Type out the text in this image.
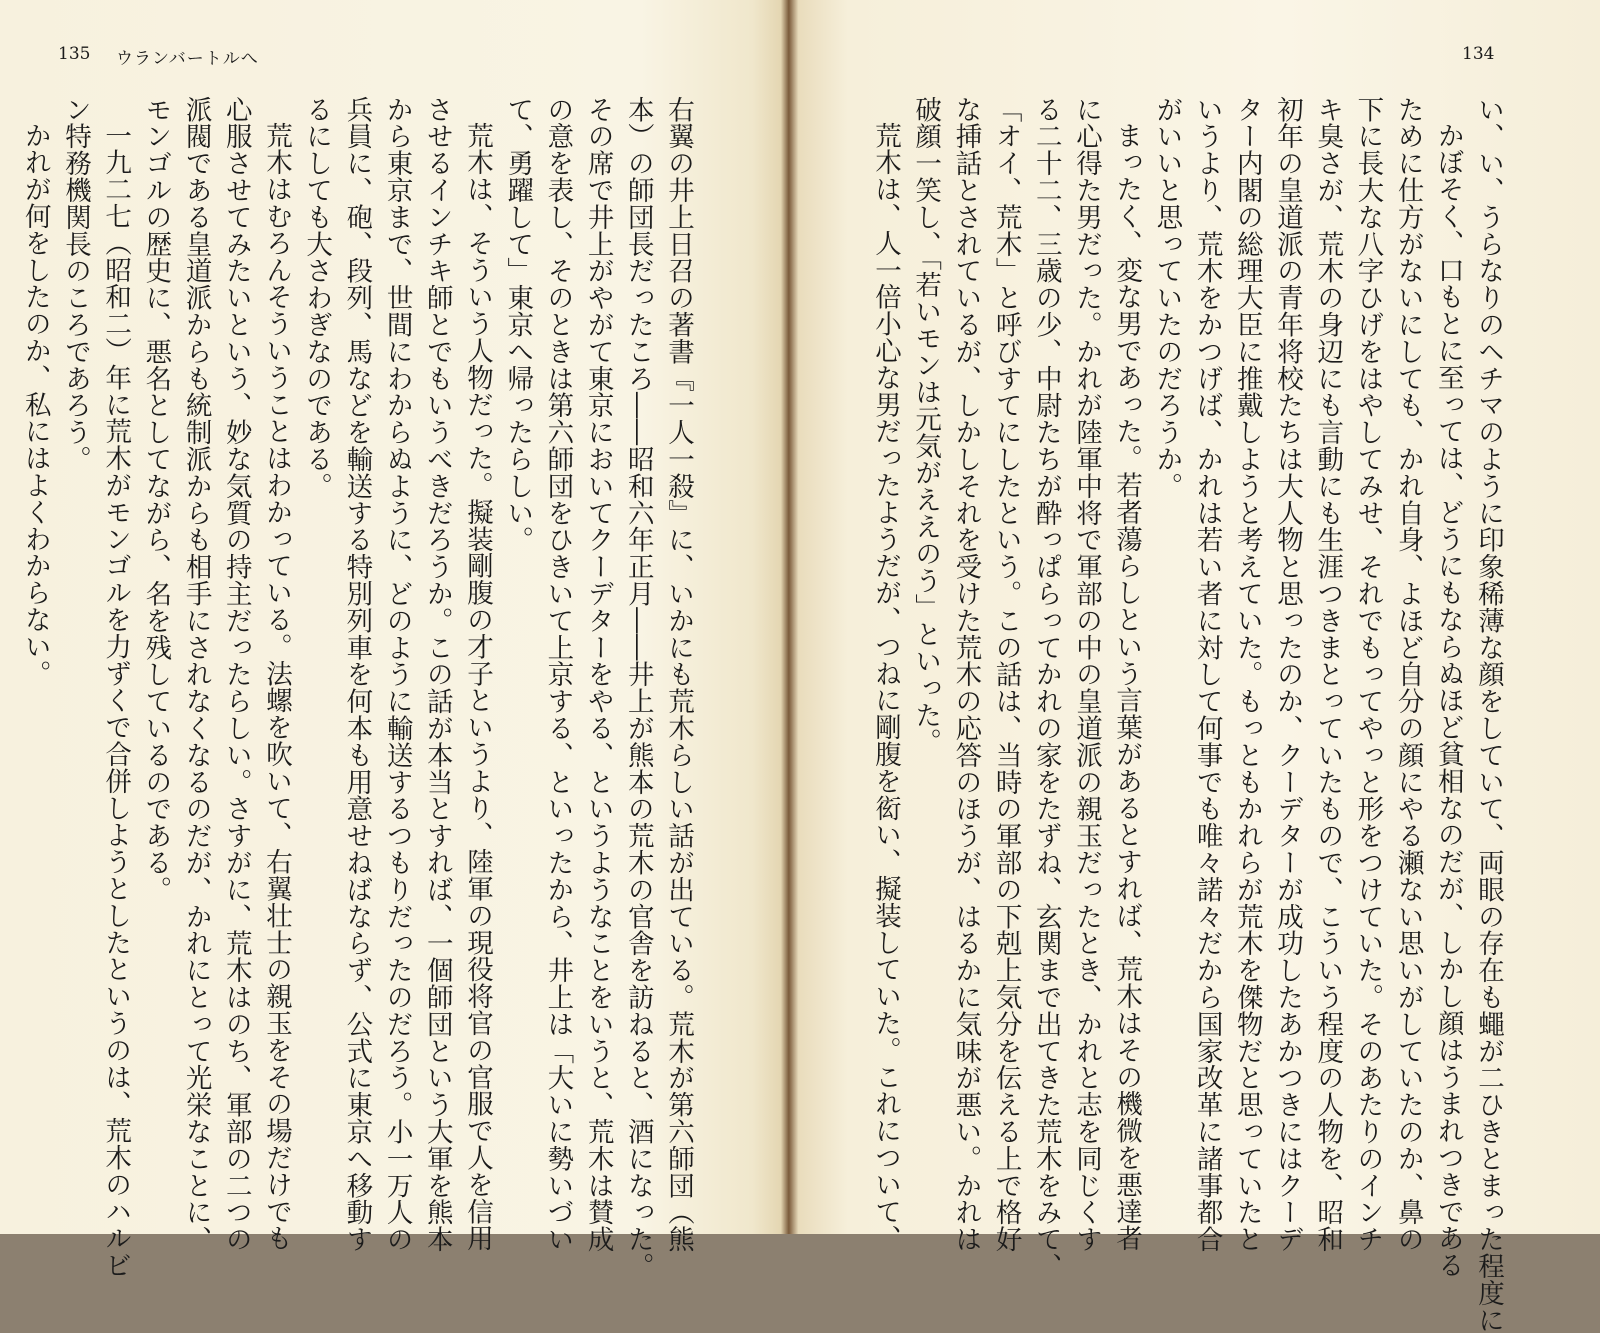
135 ウランバートルへ
右翼の井上日召の著書『一人一殺』に、いかにも荒木らしい話が出ている。荒木が第六師団（熊
本）の師団長だったころ――昭和六年正月――井上が熊本の荒木の官舎を訪ねると、酒になった。
その席で井上がやがて東京においてクーデターをやる、というようなことをいうと、荒木は賛成
の意を表し、そのときは第六師団をひきいて上京する、といったから、井上は「大いに勢いづい
て、勇躍して」東京へ帰ったらしい。
荒木は、そういう人物だった。擬装剛腹の才子というより、陸軍の現役将官の官服で人を信用
させるインチキ師とでもいうべきだろうか。この話が本当とすれば、一個師団という大軍を熊本
から東京まで、世間にわからぬように、どのように輸送するつもりだったのだろう。小一万人の
兵員に、砲、段列、馬などを輸送する特別列車を何本も用意せねばならず、公式に東京へ移動す
るにしても大さわぎなのである。
荒木はむろんそういうことはわかっている。法螺を吹いて、右翼壮士の親玉をその場だけでも
心服させてみたいという、妙な気質の持主だったらしい。さすがに、荒木はのち、軍部の二つの
派閥である皇道派からも統制派からも相手にされなくなるのだが、かれにとって光栄なことに、
モンゴルの歴史に、悪名としてながら、名を残しているのである。
一九二七（昭和二）年に荒木がモンゴルを力ずくで合併しようとしたというのは、荒木のハルビ
ン特務機関長のころであろう。
かれが何をしたのか、私にはよくわからない。
134
い、い、うらなりのヘチマのように印象稀薄な顔をしていて、両眼の存在も蠅が二ひきとまった程度に
かぼそく、口もとに至っては、どうにもならぬほど貧相なのだが、しかし顔はうまれつきである
ために仕方がないにしても、かれ自身、よほど自分の顔にやる瀬ない思いがしていたのか、鼻の
下に長大な八字ひげをはやしてみせ、それでもってやっと形をつけていた。そのあたりのインチ
キ臭さが、荒木の身辺にも言動にも生涯つきまとっていたもので、こういう程度の人物を、昭和
初年の皇道派の青年将校たちは大人物と思ったのか、クーデターが成功したあかつきにはクーデ
ター内閣の総理大臣に推戴しようと考えていた。もっともかれらが荒木を傑物だと思っていたと
いうより、荒木をかつげば、かれは若い者に対して何事でも唯々諾々だから国家改革に諸事都合
がいいと思っていたのだろうか。
まったく、変な男であった。若者蕩らしという言葉があるとすれば、荒木はその機微を悪達者
に心得た男だった。かれが陸軍中将で軍部の中の皇道派の親玉だったとき、かれと志を同じくす
る二十二、三歳の少、中尉たちが酔っぱらってかれの家をたずね、玄関まで出てきた荒木をみて、
「オイ、荒木」と呼びすてにしたという。この話は、当時の軍部の下剋上気分を伝える上で格好
な挿話とされているが、しかしそれを受けた荒木の応答のほうが、はるかに気味が悪い。かれは
破顔一笑し、「若いモンは元気がええのう」といった。
荒木は、人一倍小心な男だったようだが、つねに剛腹を衒い、擬装していた。これについて、
